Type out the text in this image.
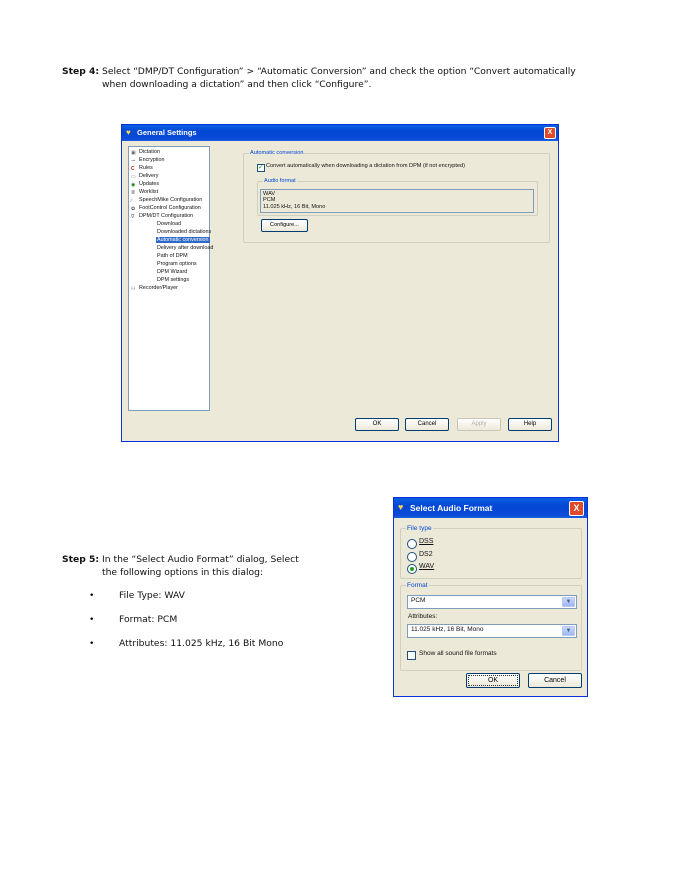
Step 4: Select “DMP/DT Configuration” > “Automatic Conversion” and check the option “Convert automatically
when downloading a dictation” and then click “Configure”.
♥ General Settings	X
▣ Dictation
⊸ Encryption
C Rules
▭ Delivery
◉ Updates
≣ Worklist
∕ SpeechMike Configuration
✿ FootControl Configuration
∇ DPM/DT Configuration
Download
Downloaded dictations
Automatic conversion
Delivery after download
Path of DPM
Program options
DPM Wizard
DPM settings
⚇ Recorder/Player
Automatic conversion
✓ Convert automatically when downloading a dictation from DPM (if not encrypted)
Audio format
WAV
PCM
11.025 kHz, 16 Bit, Mono
Configure...
OK	Cancel	Apply	Help
Step 5: In the “Select Audio Format” dialog, Select
the following options in this dialog:
•	File Type: WAV
•	Format: PCM
•	Attributes: 11.025 kHz, 16 Bit Mono
♥ Select Audio Format	X
File type
DSS
DS2
WAV
Format
PCM	▼
Attributes:
11.025 kHz, 16 Bit, Mono	▼
Show all sound file formats
OK	Cancel
